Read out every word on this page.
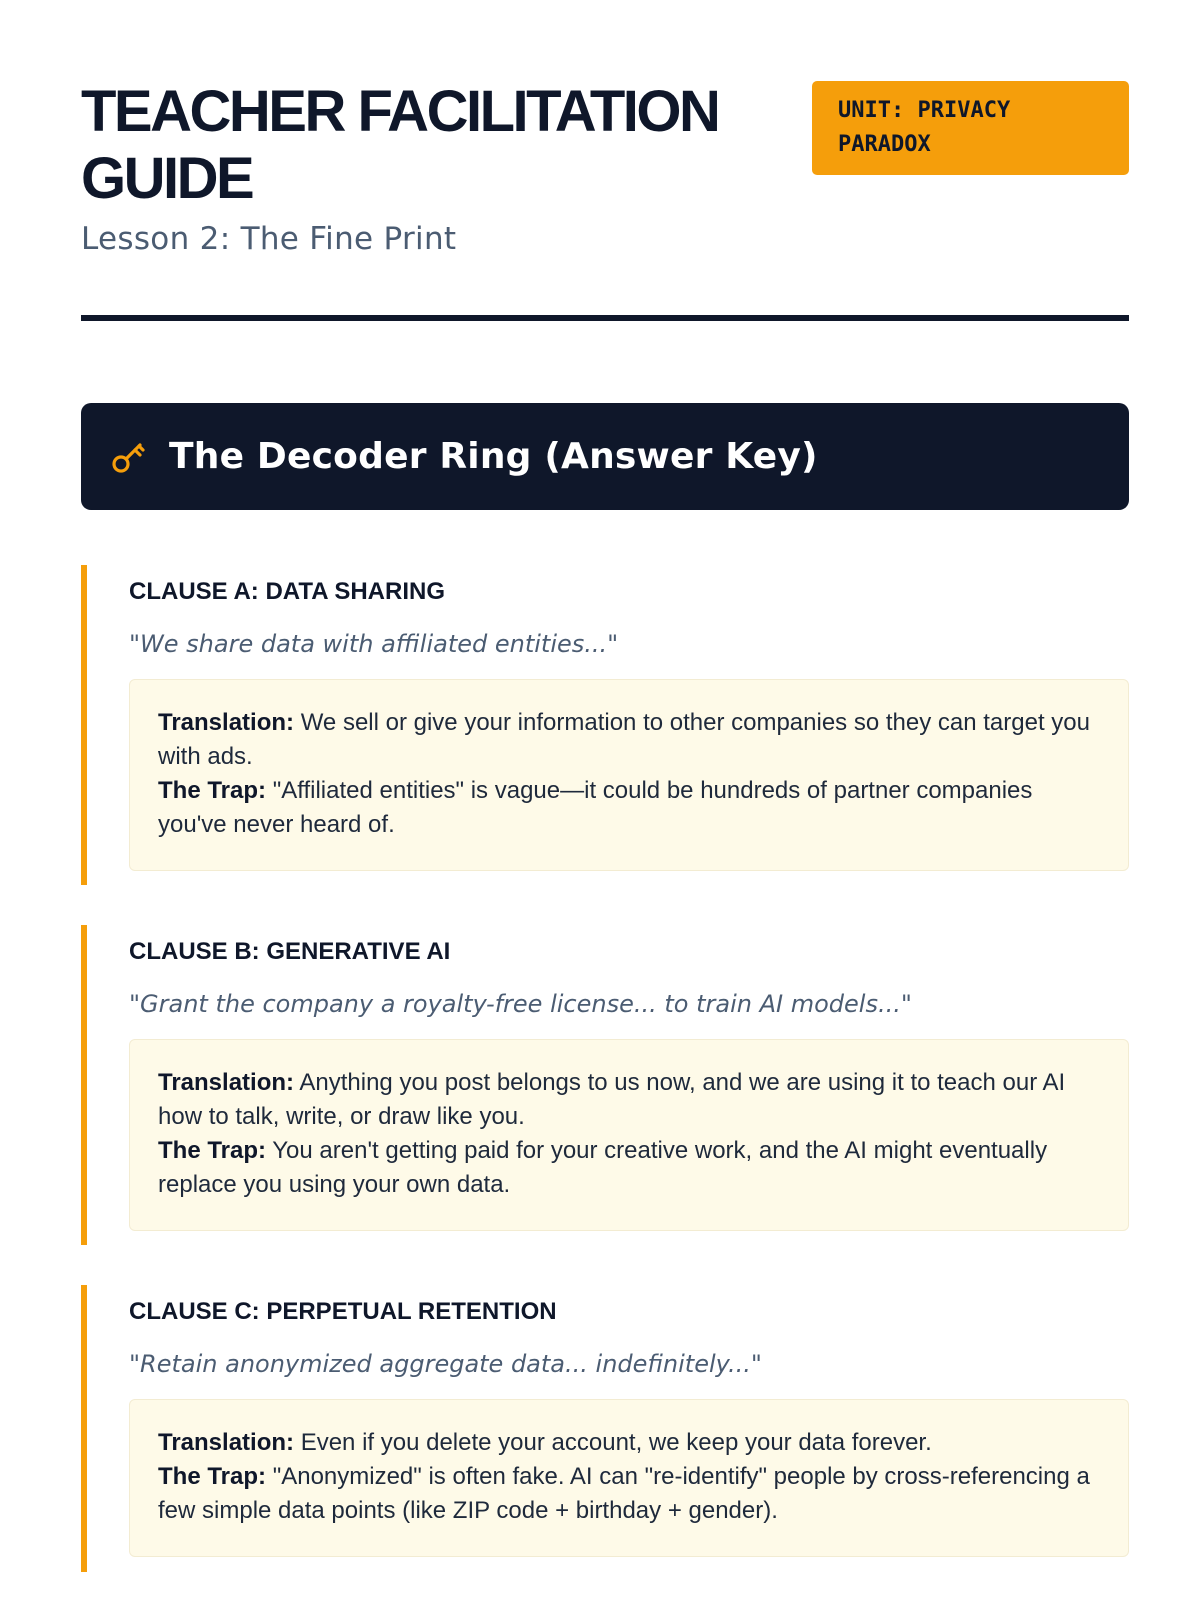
TEACHER FACILITATION
GUIDE
Lesson 2: The Fine Print
UNIT: PRIVACY PARADOX
The Decoder Ring (Answer Key)
CLAUSE A: DATA SHARING
"We share data with affiliated entities..."
Translation: We sell or give your information to other companies so they can target you with ads.
The Trap: "Affiliated entities" is vague—it could be hundreds of partner companies you've never heard of.
CLAUSE B: GENERATIVE AI
"Grant the company a royalty-free license... to train AI models..."
Translation: Anything you post belongs to us now, and we are using it to teach our AI how to talk, write, or draw like you.
The Trap: You aren't getting paid for your creative work, and the AI might eventually replace you using your own data.
CLAUSE C: PERPETUAL RETENTION
"Retain anonymized aggregate data... indefinitely..."
Translation: Even if you delete your account, we keep your data forever.
The Trap: "Anonymized" is often fake. AI can "re-identify" people by cross-referencing a few simple data points (like ZIP code + birthday + gender).
